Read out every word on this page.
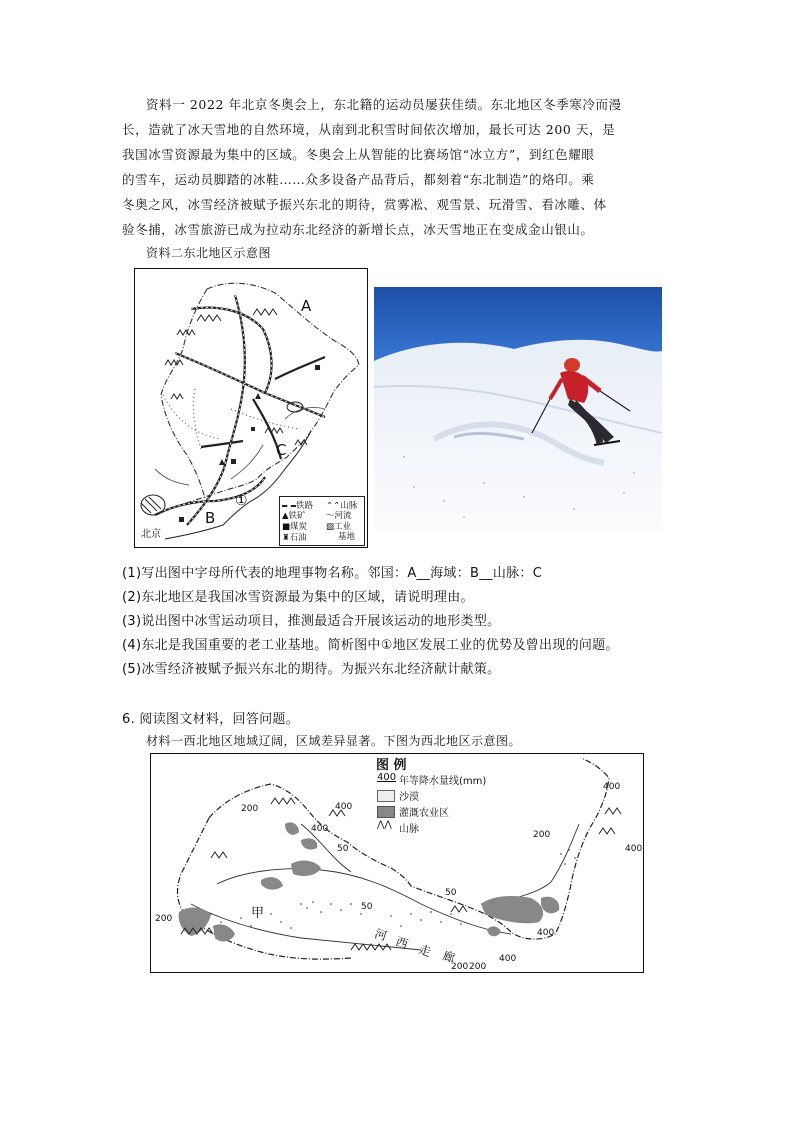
资料一 2022 年北京冬奥会上，东北籍的运动员屡获佳绩。东北地区冬季寒冷而漫
长，造就了冰天雪地的自然环境，从南到北积雪时间依次增加，最长可达 200 天，是
我国冰雪资源最为集中的区域。冬奥会上从智能的比赛场馆“冰立方”，到红色耀眼
的雪车，运动员脚踏的冰鞋……众多设备产品背后，都刻着“东北制造”的烙印。乘
冬奥之风，冰雪经济被赋予振兴东北的期待，赏雾凇、观雪景、玩滑雪、看冰雕、体
验冬捕，冰雪旅游已成为拉动东北经济的新增长点，冰天雪地正在变成金山银山。
资料二东北地区示意图
A
C
B
①
北京
铁路 ⌃⌃山脉
▲铁矿 〜河流
■煤炭 ▨工业
基地
♜石油
(1)写出图中字母所代表的地理事物名称。邻国：A__海域：B__山脉：C
(2)东北地区是我国冰雪资源最为集中的区域，请说明理由。
(3)说出图中冰雪运动项目，推测最适合开展该运动的地形类型。
(4)东北是我国重要的老工业基地。简析图中①地区发展工业的优势及曾出现的问题。
(5)冰雪经济被赋予振兴东北的期待。为振兴东北经济献计献策。
6. 阅读图文材料，回答问题。
材料一西北地区地域辽阔，区域差异显著。下图为西北地区示意图。
图 例
400 年等降水量线(mm)
沙漠
灌溉农业区
⋀⋀ 山脉
甲
河 西 走 廊
400
200
400
200	400
400
200
50
50
50
200
400
200
400
